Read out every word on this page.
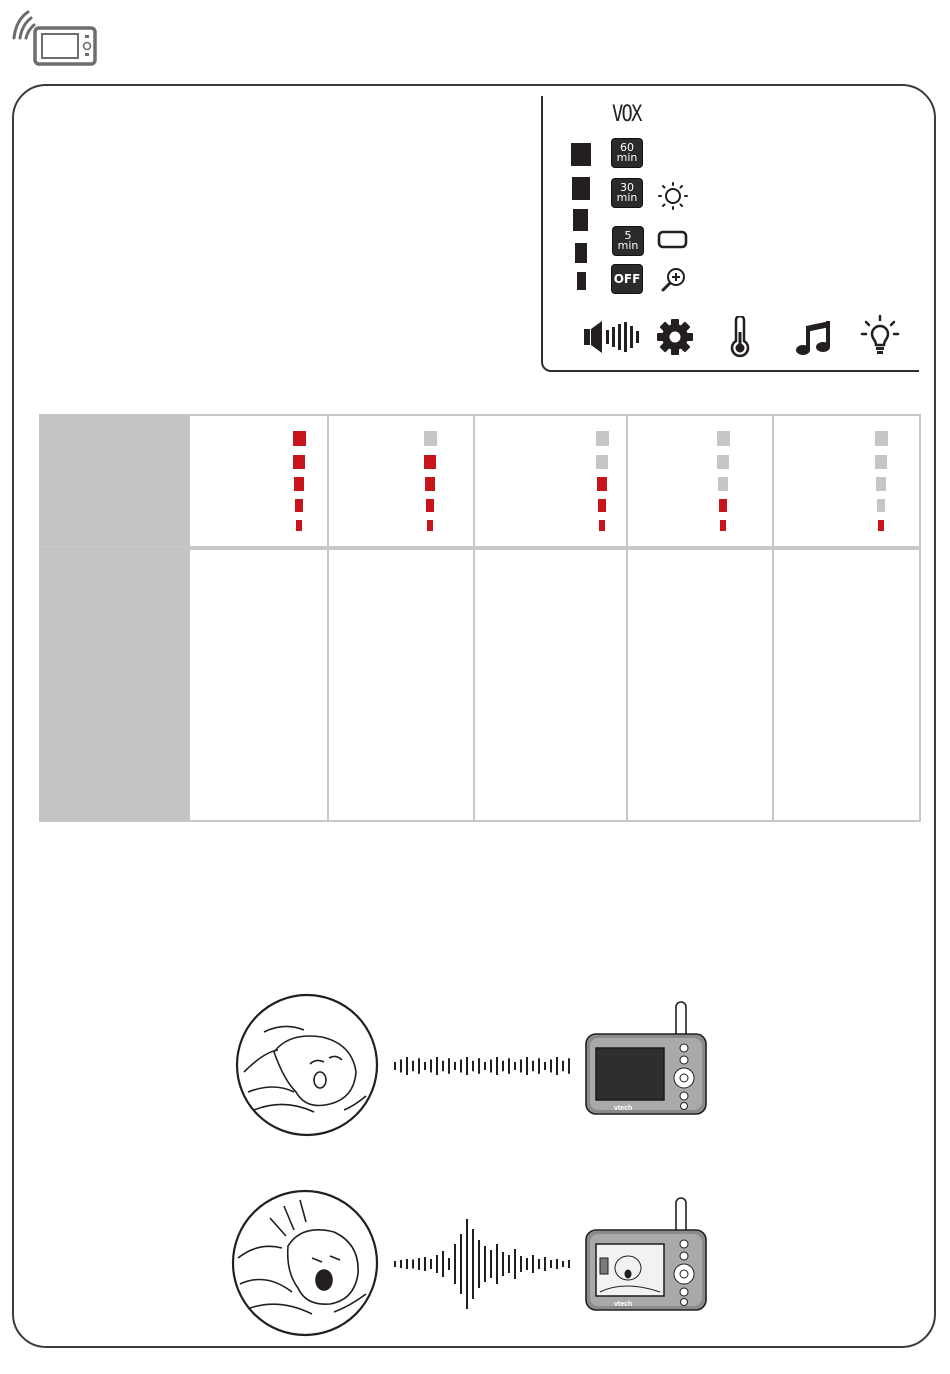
VOX
60
min
30
min
5
min
OFF
vtech
vtech
